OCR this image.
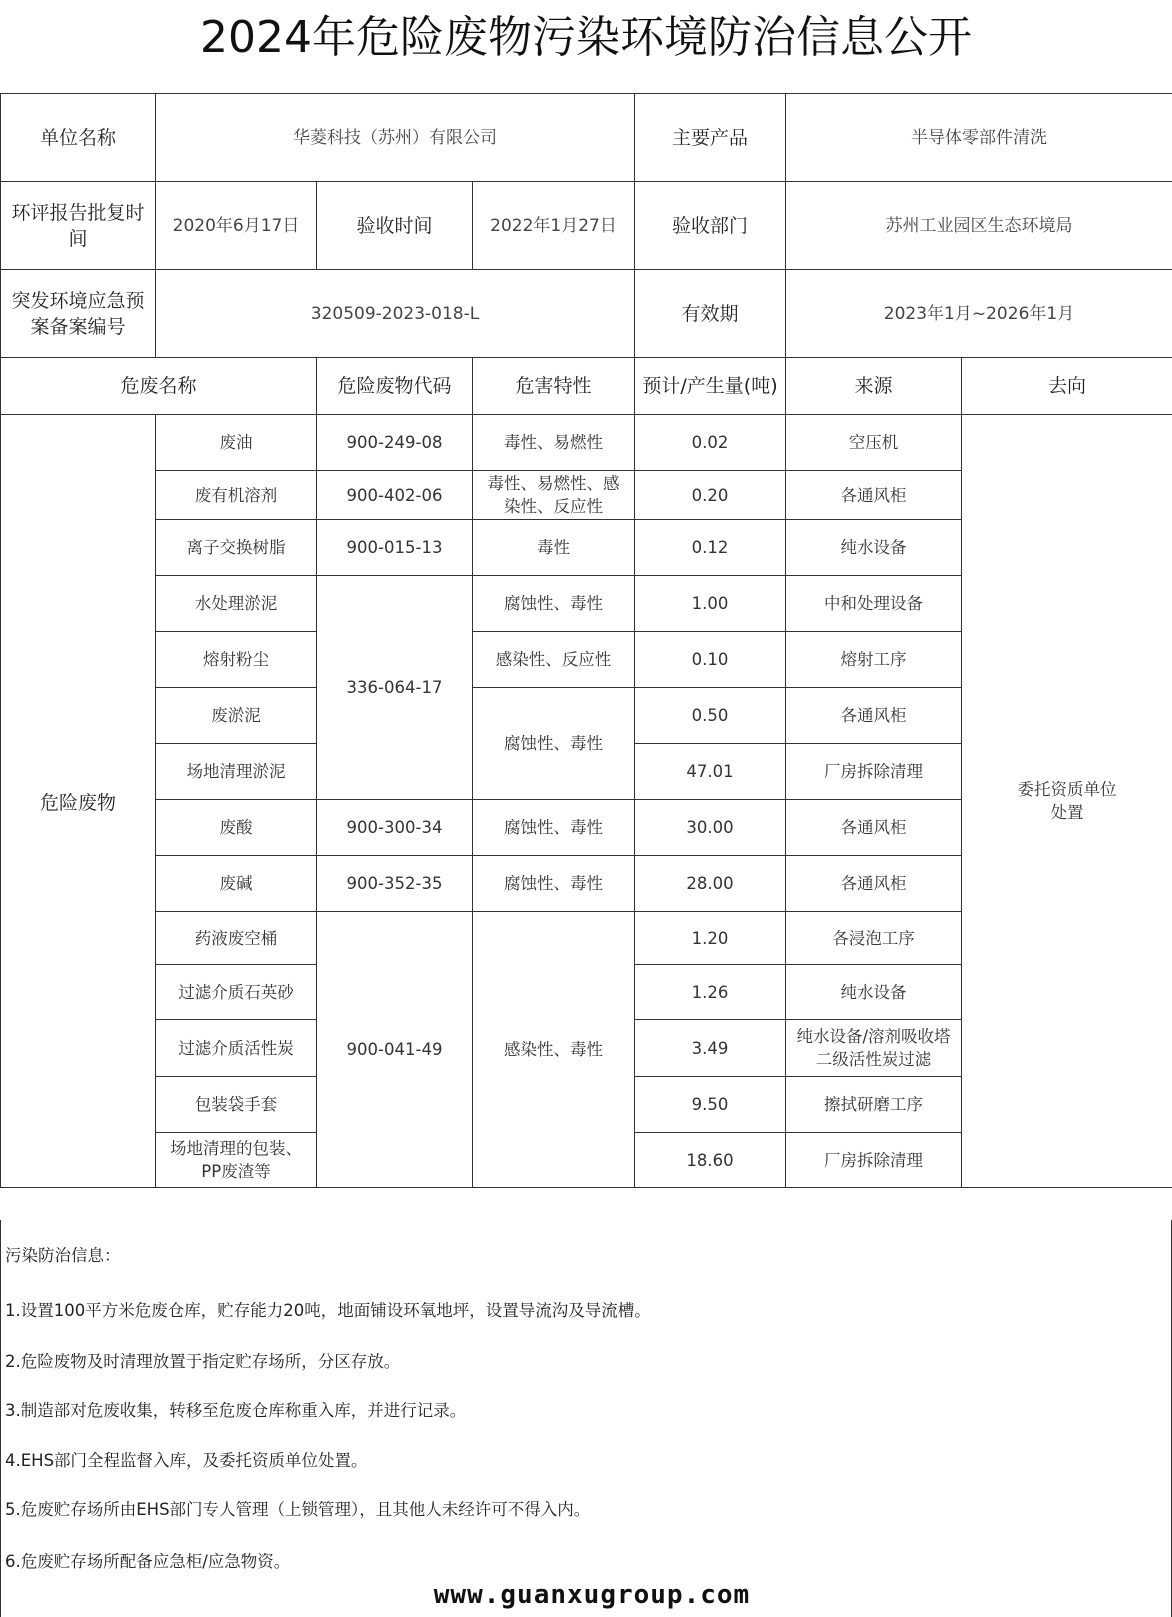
2024年危险废物污染环境防治信息公开
单位名称	华菱科技（苏州）有限公司			主要产品	半导体零部件清洗	
环评报告批复时间	2020年6月17日	验收时间	2022年1月27日	验收部门	苏州工业园区生态环境局	
突发环境应急预案备案编号	320509-2023-018-L			有效期	2023年1月~2026年1月	
危废名称		危险废物代码	危害特性	预计/产生量(吨)	来源	去向
危险废物	废油	900-249-08	毒性、易燃性	0.02	空压机	委托资质单位处置
	废有机溶剂	900-402-06	毒性、易燃性、感染性、反应性	0.20	各通风柜	
	离子交换树脂	900-015-13	毒性	0.12	纯水设备	
	水处理淤泥	336-064-17	腐蚀性、毒性	1.00	中和处理设备	
	熔射粉尘		感染性、反应性	0.10	熔射工序	
	废淤泥		腐蚀性、毒性	0.50	各通风柜	
	场地清理淤泥			47.01	厂房拆除清理	
	废酸	900-300-34	腐蚀性、毒性	30.00	各通风柜	
	废碱	900-352-35	腐蚀性、毒性	28.00	各通风柜	
	药液废空桶	900-041-49	感染性、毒性	1.20	各浸泡工序	
	过滤介质石英砂			1.26	纯水设备	
	过滤介质活性炭			3.49	纯水设备/溶剂吸收塔二级活性炭过滤	
	包装袋手套			9.50	擦拭研磨工序	
	场地清理的包装、PP废渣等			18.60	厂房拆除清理	
污染防治信息：
1.设置100平方米危废仓库，贮存能力20吨，地面铺设环氧地坪，设置导流沟及导流槽。
2.危险废物及时清理放置于指定贮存场所，分区存放。
3.制造部对危废收集，转移至危废仓库称重入库，并进行记录。
4.EHS部门全程监督入库，及委托资质单位处置。
5.危废贮存场所由EHS部门专人管理（上锁管理），且其他人未经许可不得入内。
6.危废贮存场所配备应急柜/应急物资。
www.guanxugroup.com
